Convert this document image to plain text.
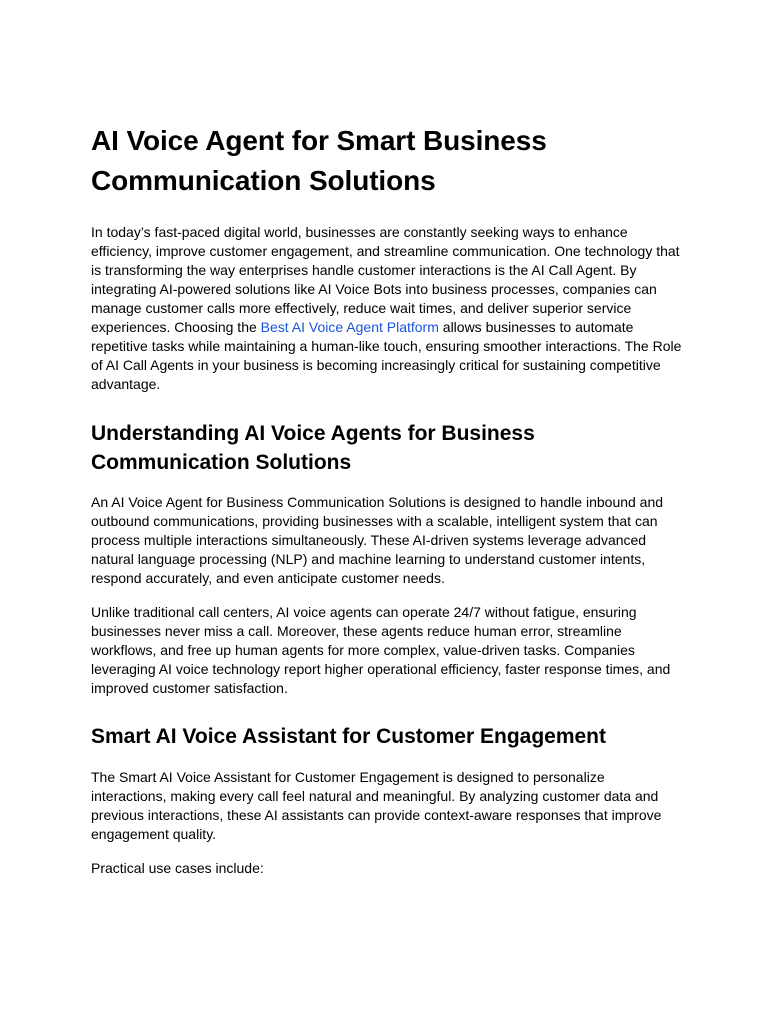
AI Voice Agent for Smart Business Communication Solutions

In today’s fast-paced digital world, businesses are constantly seeking ways to enhance efficiency, improve customer engagement, and streamline communication. One technology that is transforming the way enterprises handle customer interactions is the AI Call Agent. By integrating AI-powered solutions like AI Voice Bots into business processes, companies can manage customer calls more effectively, reduce wait times, and deliver superior service experiences. Choosing the Best AI Voice Agent Platform allows businesses to automate repetitive tasks while maintaining a human-like touch, ensuring smoother interactions. The Role of AI Call Agents in your business is becoming increasingly critical for sustaining competitive advantage.

Understanding AI Voice Agents for Business Communication Solutions

An AI Voice Agent for Business Communication Solutions is designed to handle inbound and outbound communications, providing businesses with a scalable, intelligent system that can process multiple interactions simultaneously. These AI-driven systems leverage advanced natural language processing (NLP) and machine learning to understand customer intents, respond accurately, and even anticipate customer needs.

Unlike traditional call centers, AI voice agents can operate 24/7 without fatigue, ensuring businesses never miss a call. Moreover, these agents reduce human error, streamline workflows, and free up human agents for more complex, value-driven tasks. Companies leveraging AI voice technology report higher operational efficiency, faster response times, and improved customer satisfaction.

Smart AI Voice Assistant for Customer Engagement

The Smart AI Voice Assistant for Customer Engagement is designed to personalize interactions, making every call feel natural and meaningful. By analyzing customer data and previous interactions, these AI assistants can provide context-aware responses that improve engagement quality.

Practical use cases include:
